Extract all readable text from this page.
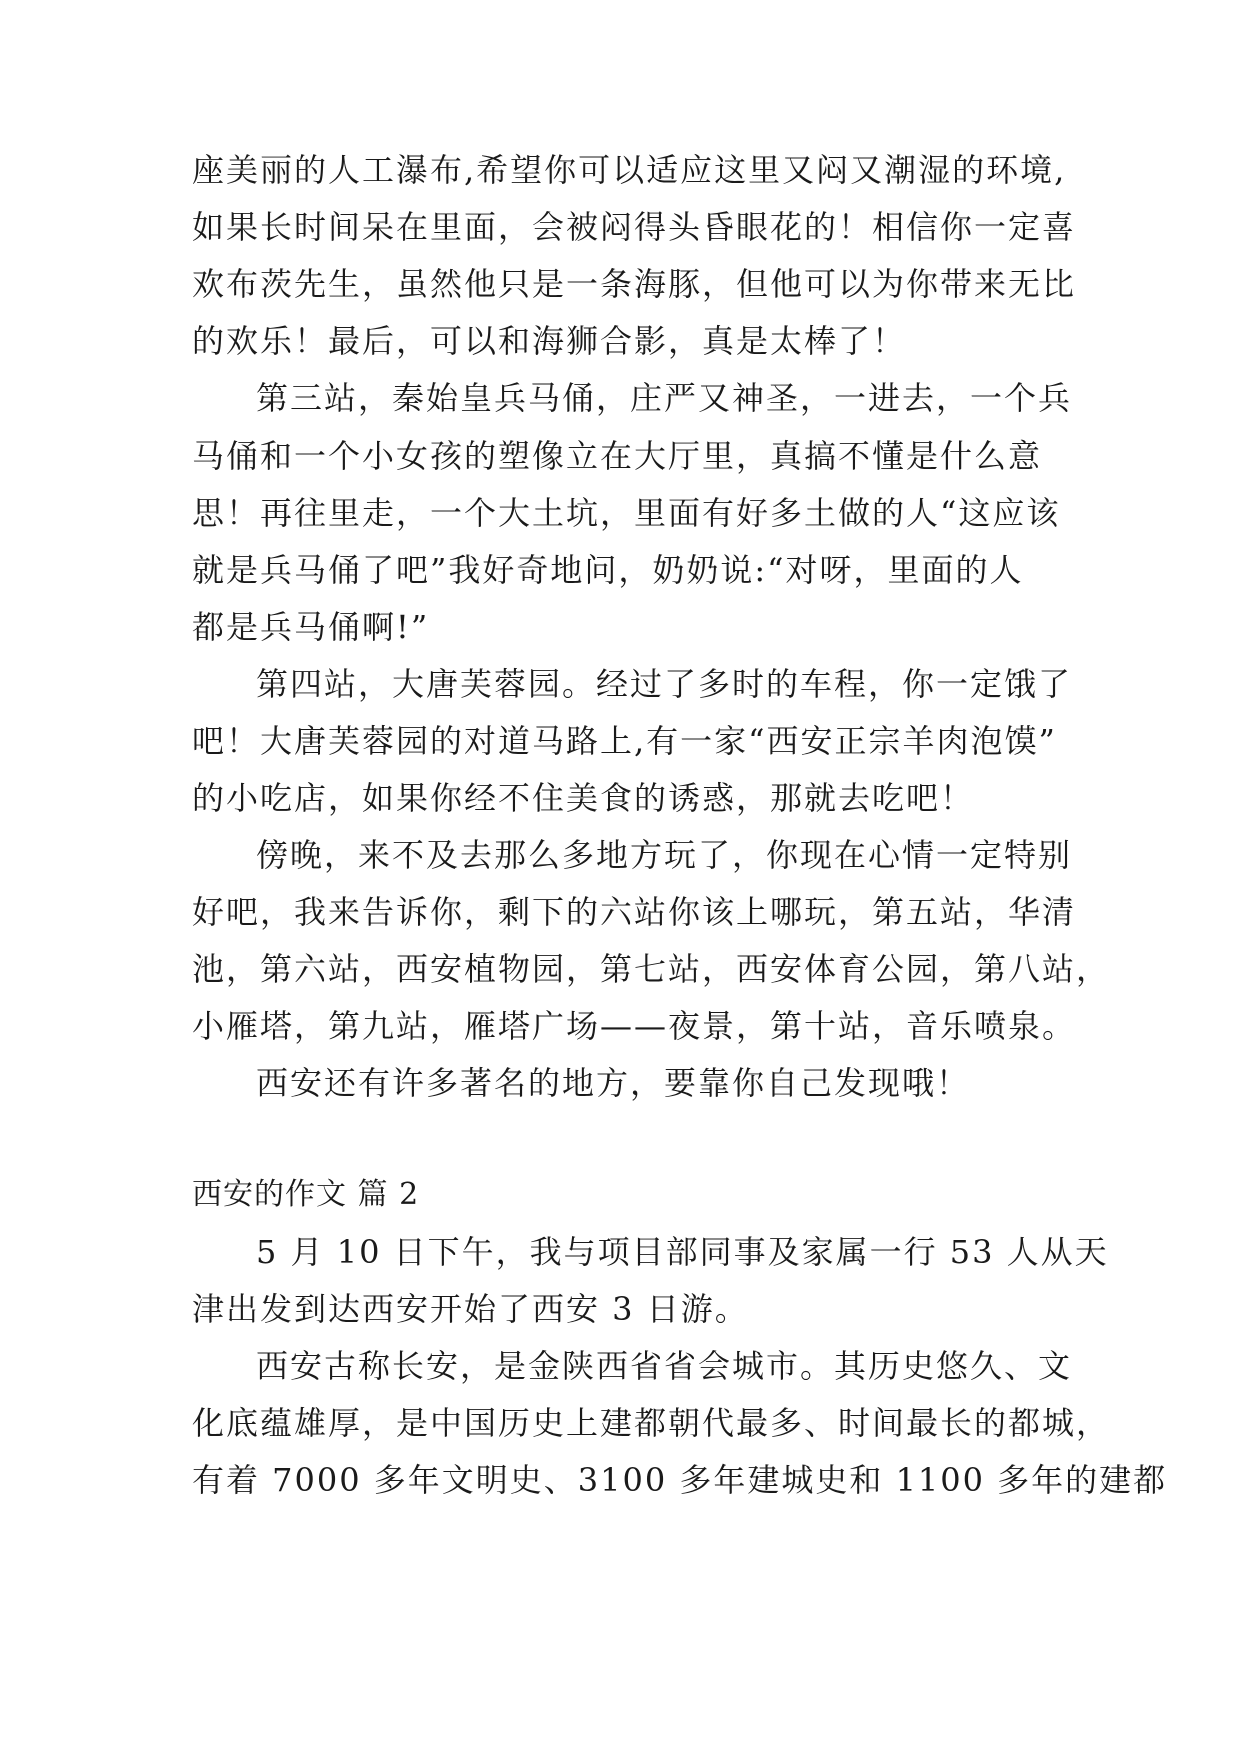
座美丽的人工瀑布,希望你可以适应这里又闷又潮湿的环境,
如果长时间呆在里面，会被闷得头昏眼花的！相信你一定喜
欢布茨先生，虽然他只是一条海豚，但他可以为你带来无比
的欢乐！最后，可以和海狮合影，真是太棒了！
第三站，秦始皇兵马俑，庄严又神圣，一进去，一个兵
马俑和一个小女孩的塑像立在大厅里，真搞不懂是什么意
思！再往里走，一个大土坑，里面有好多土做的人“这应该
就是兵马俑了吧”我好奇地问，奶奶说:“对呀，里面的人
都是兵马俑啊!”
第四站，大唐芙蓉园。经过了多时的车程，你一定饿了
吧！大唐芙蓉园的对道马路上,有一家“西安正宗羊肉泡馍”
的小吃店，如果你经不住美食的诱惑，那就去吃吧！
傍晚，来不及去那么多地方玩了，你现在心情一定特别
好吧，我来告诉你，剩下的六站你该上哪玩，第五站，华清
池，第六站，西安植物园，第七站，西安体育公园，第八站，
小雁塔，第九站，雁塔广场——夜景，第十站，音乐喷泉。
西安还有许多著名的地方，要靠你自己发现哦！
西安的作文 篇 2
5 月 10 日下午，我与项目部同事及家属一行 53 人从天
津出发到达西安开始了西安 3 日游。
西安古称长安，是金陕西省省会城市。其历史悠久、文
化底蕴雄厚，是中国历史上建都朝代最多、时间最长的都城，
有着 7000 多年文明史、3100 多年建城史和 1100 多年的建都
